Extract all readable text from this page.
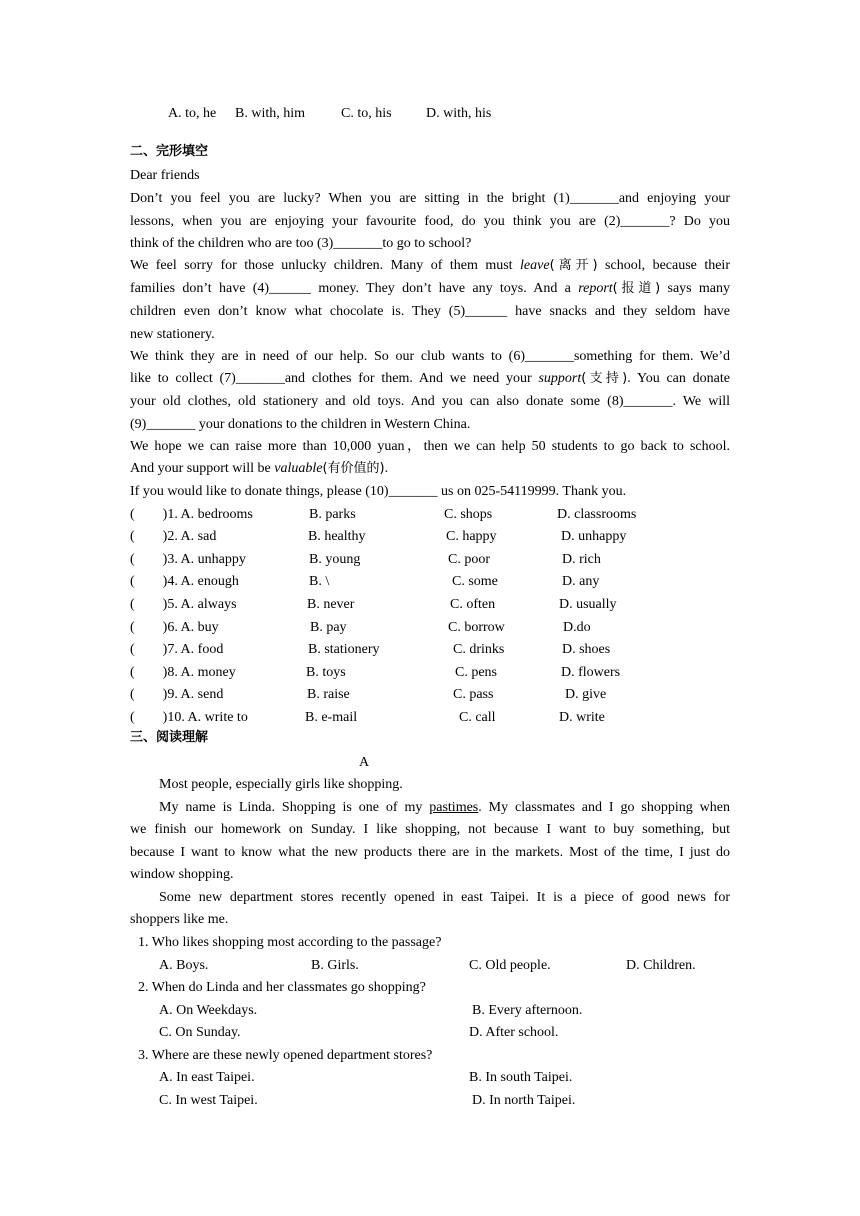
A. to, he B. with, him	C. to, his D. with, his
二、完形填空
Dear friends
Don’t you feel you are lucky? When you are sitting in the bright (1)_______and enjoying your
lessons, when you are enjoying your favourite food, do you think you are (2)_______? Do you
think of the children who are too (3)_______to go to school?
We feel sorry for those unlucky children. Many of them must leave(离开) school, because their
families don’t have (4)______ money. They don’t have any toys. And a report(报道) says many
children even don’t know what chocolate is. They (5)______ have snacks and they seldom have
new stationery.
We think they are in need of our help. So our club wants to (6)_______something for them. We’d
like to collect (7)_______and clothes for them. And we need your support(支持). You can donate
your old clothes, old stationery and old toys. And you can also donate some (8)_______. We will
(9)_______ your donations to the children in Western China.
We hope we can raise more than 10,000 yuan，then we can help 50 students to go back to school.
And your support will be valuable(有价值的).
If you would like to donate things, please (10)_______ us on 025-54119999. Thank you.
(        )1. A. bedrooms	B. parks	C. shops	D. classrooms
(        )2. A. sad	B. healthy	C. happy	D. unhappy
(        )3. A. unhappy	B. young	C. poor	D. rich
(        )4. A. enough	B. \	C. some	D. any
(        )5. A. always	B. never	C. often	D. usually
(        )6. A. buy	B. pay	C. borrow	D.do
(        )7. A. food	B. stationery	C. drinks	D. shoes
(        )8. A. money	B. toys	C. pens	D. flowers
(        )9. A. send	B. raise	C. pass	D. give
(        )10. A. write to	B. e-mail	C. call	D. write
三、阅读理解
A
Most people, especially girls like shopping.
My name is Linda. Shopping is one of my pastimes. My classmates and I go shopping when
we finish our homework on Sunday. I like shopping, not because I want to buy something, but
because I want to know what the new products there are in the markets. Most of the time, I just do
window shopping.
Some new department stores recently opened in east Taipei. It is a piece of good news for
shoppers like me.
1. Who likes shopping most according to the passage?
A. Boys.	B. Girls.	C. Old people.	D. Children.
2. When do Linda and her classmates go shopping?
A. On Weekdays.	B. Every afternoon.
C. On Sunday.	D. After school.
3. Where are these newly opened department stores?
A. In east Taipei.	B. In south Taipei.
C. In west Taipei.	D. In north Taipei.
